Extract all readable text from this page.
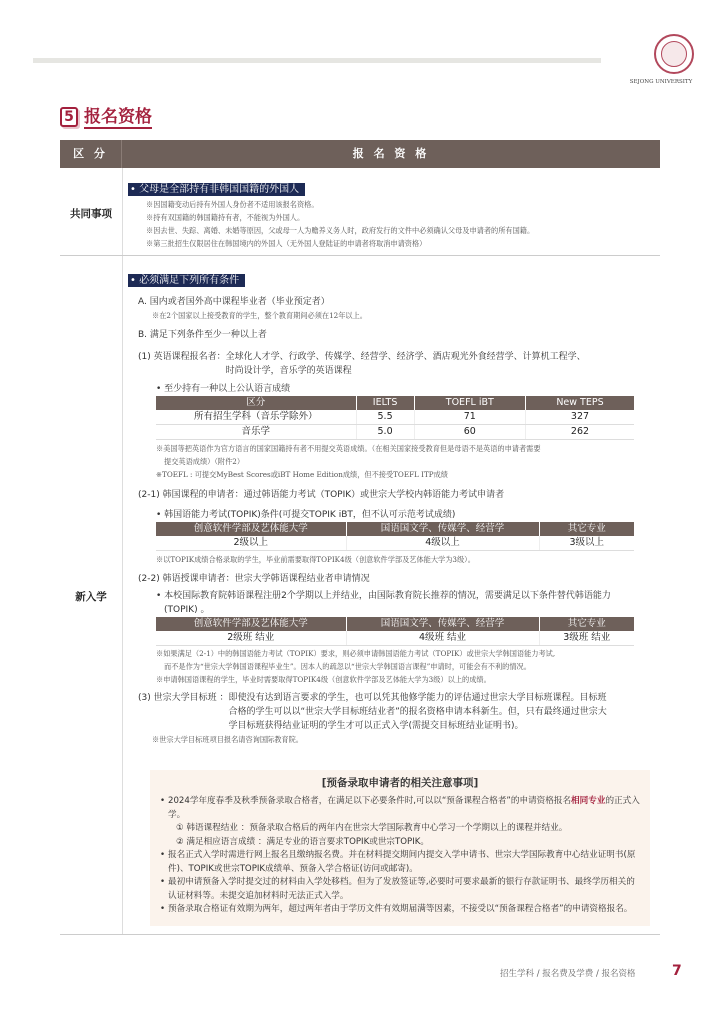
SEJONG UNIVERSITY
5 报名资格
区 分	报 名 资 格
共同事项
• 父母是全部持有非韩国国籍的外国人
※因国籍变动后持有外国人身份者不适用该报名资格。
※持有双国籍的韩国籍持有者，不能视为外国人。
※因去世、失踪、离婚、未婚等原因，父或母一人为赡养义务人时，政府发行的文件中必须确认父母及申请者的所有国籍。
※第三批招生仅限居住在韩国境内的外国人（无外国人登陆证的申请者将取消申请资格）
新入学
• 必须满足下列所有条件
A. 国内或者国外高中课程毕业者（毕业预定者）
※在2个国家以上接受教育的学生，整个教育期间必须在12年以上。
B. 满足下列条件至少一种以上者
(1) 英语课程报名者： 全球化人才学、行政学、传媒学、经营学、经济学、酒店观光外食经营学、计算机工程学、
时尚设计学，音乐学的英语课程
• 至少持有一种以上公认语言成绩
区分	IELTS	TOEFL iBT	New TEPS
所有招生学科（音乐学除外）	5.5	71	327
音乐学	5.0	60	262
※美国等把英语作为官方语言的国家国籍持有者不用提交英语成绩。（在相关国家接受教育但是母语不是英语的申请者需要
提交英语成绩）（附件2）
※TOEFL : 可提交MyBest Scores或iBT Home Edition成绩，但不接受TOEFL ITP成绩
(2-1) 韩国课程的申请者：通过韩语能力考试（TOPIK）或世宗大学校内韩语能力考试申请者
• 韩国语能力考试(TOPIK)条件(可提交TOPIK iBT，但不认可示范考试成绩)
创意软件学部及艺体能大学	国语国文学、传媒学、经营学	其它专业
2级以上	4级以上	3级以上
※以TOPIK成绩合格录取的学生，毕业前需要取得TOPIK4级（创意软件学部及艺体能大学为3级）。
(2-2) 韩语授课申请者：世宗大学韩语课程结业者申请情况
• 本校国际教育院韩语课程注册2个学期以上并结业，由国际教育院长推荐的情况，需要满足以下条件替代韩语能力
(TOPIK) 。
创意软件学部及艺体能大学	国语国文学、传媒学、经营学	其它专业
2级班 结业	4级班 结业	3级班 结业
※如果满足（2-1）中的韩国语能力考试（TOPIK）要求，则必须申请韩国语能力考试（TOPIK）或世宗大学韩国语能力考试,
而不是作为“世宗大学韩国语课程毕业生”。因本人的疏忽以“世宗大学韩国语言课程”申请时，可能会有不利的情况。
※申请韩国语课程的学生，毕业时需要取得TOPIK4级（创意软件学部及艺体能大学为3级）以上的成绩。
(3) 世宗大学目标班 ： 即使没有达到语言要求的学生，也可以凭其他修学能力的评估通过世宗大学目标班课程。目标班
合格的学生可以以“世宗大学目标班结业者”的报名资格申请本科新生。但，只有最终通过世宗大
学目标班获得结业证明的学生才可以正式入学(需提交目标班结业证明书)。
※世宗大学目标班项目报名请咨询国际教育院。
[预备录取申请者的相关注意事项]
• 2024学年度春季及秋季预备录取合格者，在满足以下必要条件时,可以以“预备课程合格者”的申请资格报名相同专业的正式入学。
① 韩语课程结业 ：预备录取合格后的两年内在世宗大学国际教育中心学习一个学期以上的课程并结业。
② 满足相应语言成绩 ：满足专业的语言要求TOPIK或世宗TOPIK。
• 报名正式入学时需进行网上报名且缴纳报名费。并在材料提交期间内提交入学申请书、世宗大学国际教育中心结业证明书(原件)、TOPIK或世宗TOPIK成绩单、预备入学合格证(访问或邮寄)。
• 最初申请预备入学时提交过的材料由入学处移档。但为了发放签证等,必要时可要求最新的银行存款证明书、最终学历相关的认证材料等。未提交追加材料时无法正式入学。
• 预备录取合格证有效期为两年，超过两年者由于学历文件有效期届满等因素，不接受以“预备课程合格者”的申请资格报名。
招生学科 / 报名费及学费 / 报名资格	7
